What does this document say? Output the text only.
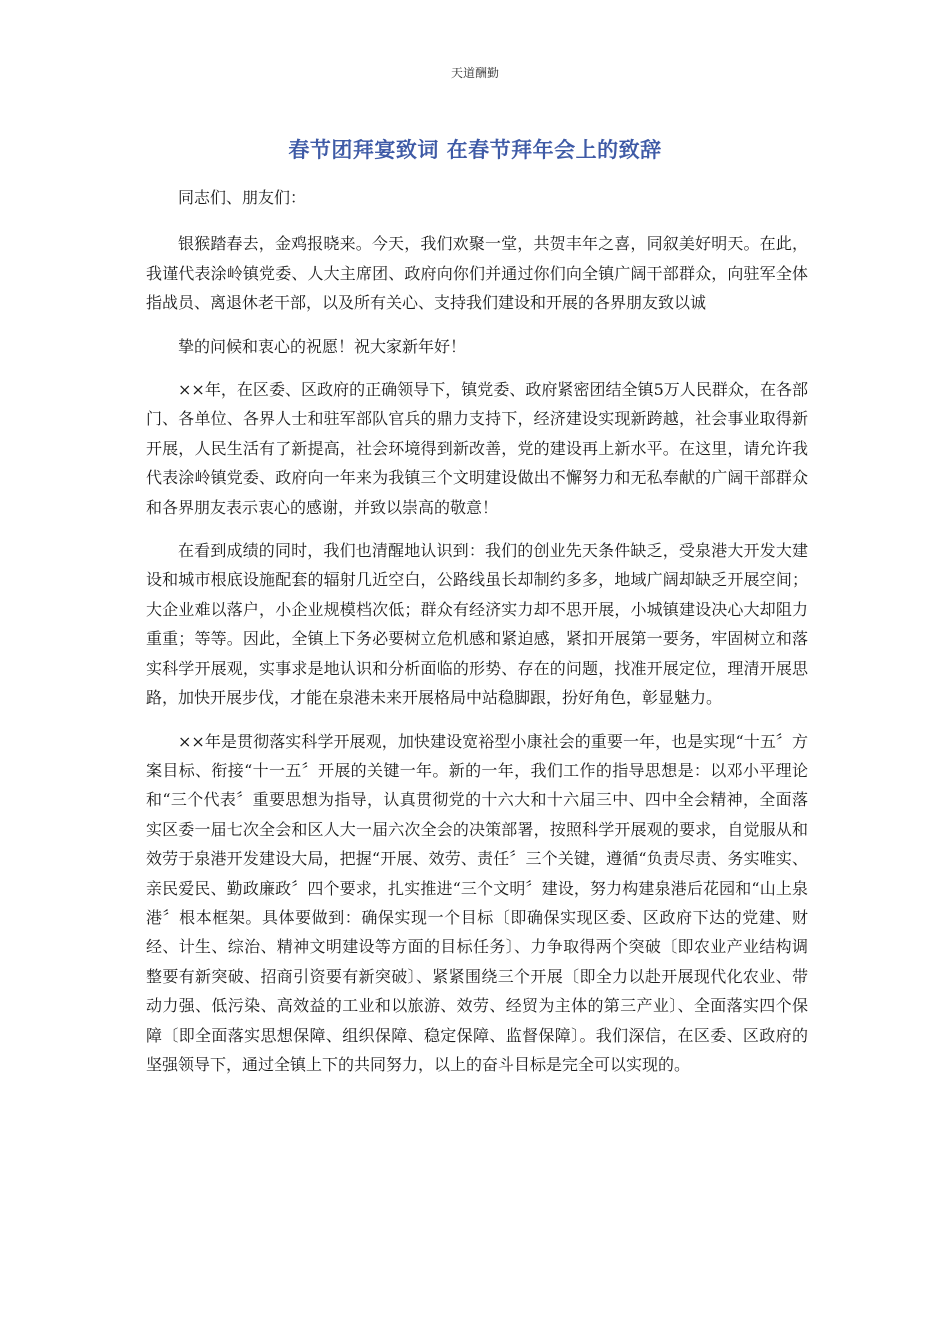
天道酬勤
春节团拜宴致词 在春节拜年会上的致辞

同志们、朋友们：

银猴踏春去，金鸡报晓来。今天，我们欢聚一堂，共贺丰年之喜，同叙美好明天。在此，我谨代表涂岭镇党委、人大主席团、政府向你们并通过你们向全镇广阔干部群众，向驻军全体指战员、离退休老干部，以及所有关心、支持我们建设和开展的各界朋友致以诚

挚的问候和衷心的祝愿！祝大家新年好！

××年，在区委、区政府的正确领导下，镇党委、政府紧密团结全镇5万人民群众，在各部门、各单位、各界人士和驻军部队官兵的鼎力支持下，经济建设实现新跨越，社会事业取得新开展，人民生活有了新提高，社会环境得到新改善，党的建设再上新水平。在这里，请允许我代表涂岭镇党委、政府向一年来为我镇三个文明建设做出不懈努力和无私奉献的广阔干部群众和各界朋友表示衷心的感谢，并致以崇高的敬意！

在看到成绩的同时，我们也清醒地认识到：我们的创业先天条件缺乏，受泉港大开发大建设和城市根底设施配套的辐射几近空白，公路线虽长却制约多多，地域广阔却缺乏开展空间；大企业难以落户，小企业规模档次低；群众有经济实力却不思开展，小城镇建设决心大却阻力重重；等等。因此，全镇上下务必要树立危机感和紧迫感，紧扣开展第一要务，牢固树立和落实科学开展观，实事求是地认识和分析面临的形势、存在的问题，找准开展定位，理清开展思路，加快开展步伐，才能在泉港未来开展格局中站稳脚跟，扮好角色，彰显魅力。

××年是贯彻落实科学开展观，加快建设宽裕型小康社会的重要一年，也是实现“十五〞方案目标、衔接“十一五〞开展的关键一年。新的一年，我们工作的指导思想是：以邓小平理论和“三个代表〞重要思想为指导，认真贯彻党的十六大和十六届三中、四中全会精神，全面落实区委一届七次全会和区人大一届六次全会的决策部署，按照科学开展观的要求，自觉服从和效劳于泉港开发建设大局，把握“开展、效劳、责任〞三个关键，遵循“负责尽责、务实唯实、亲民爱民、勤政廉政〞四个要求，扎实推进“三个文明〞建设，努力构建泉港后花园和“山上泉港〞根本框架。具体要做到：确保实现一个目标〔即确保实现区委、区政府下达的党建、财经、计生、综治、精神文明建设等方面的目标任务〕、力争取得两个突破〔即农业产业结构调整要有新突破、招商引资要有新突破〕、紧紧围绕三个开展〔即全力以赴开展现代化农业、带动力强、低污染、高效益的工业和以旅游、效劳、经贸为主体的第三产业〕、全面落实四个保障〔即全面落实思想保障、组织保障、稳定保障、监督保障〕。我们深信，在区委、区政府的坚强领导下，通过全镇上下的共同努力，以上的奋斗目标是完全可以实现的。
